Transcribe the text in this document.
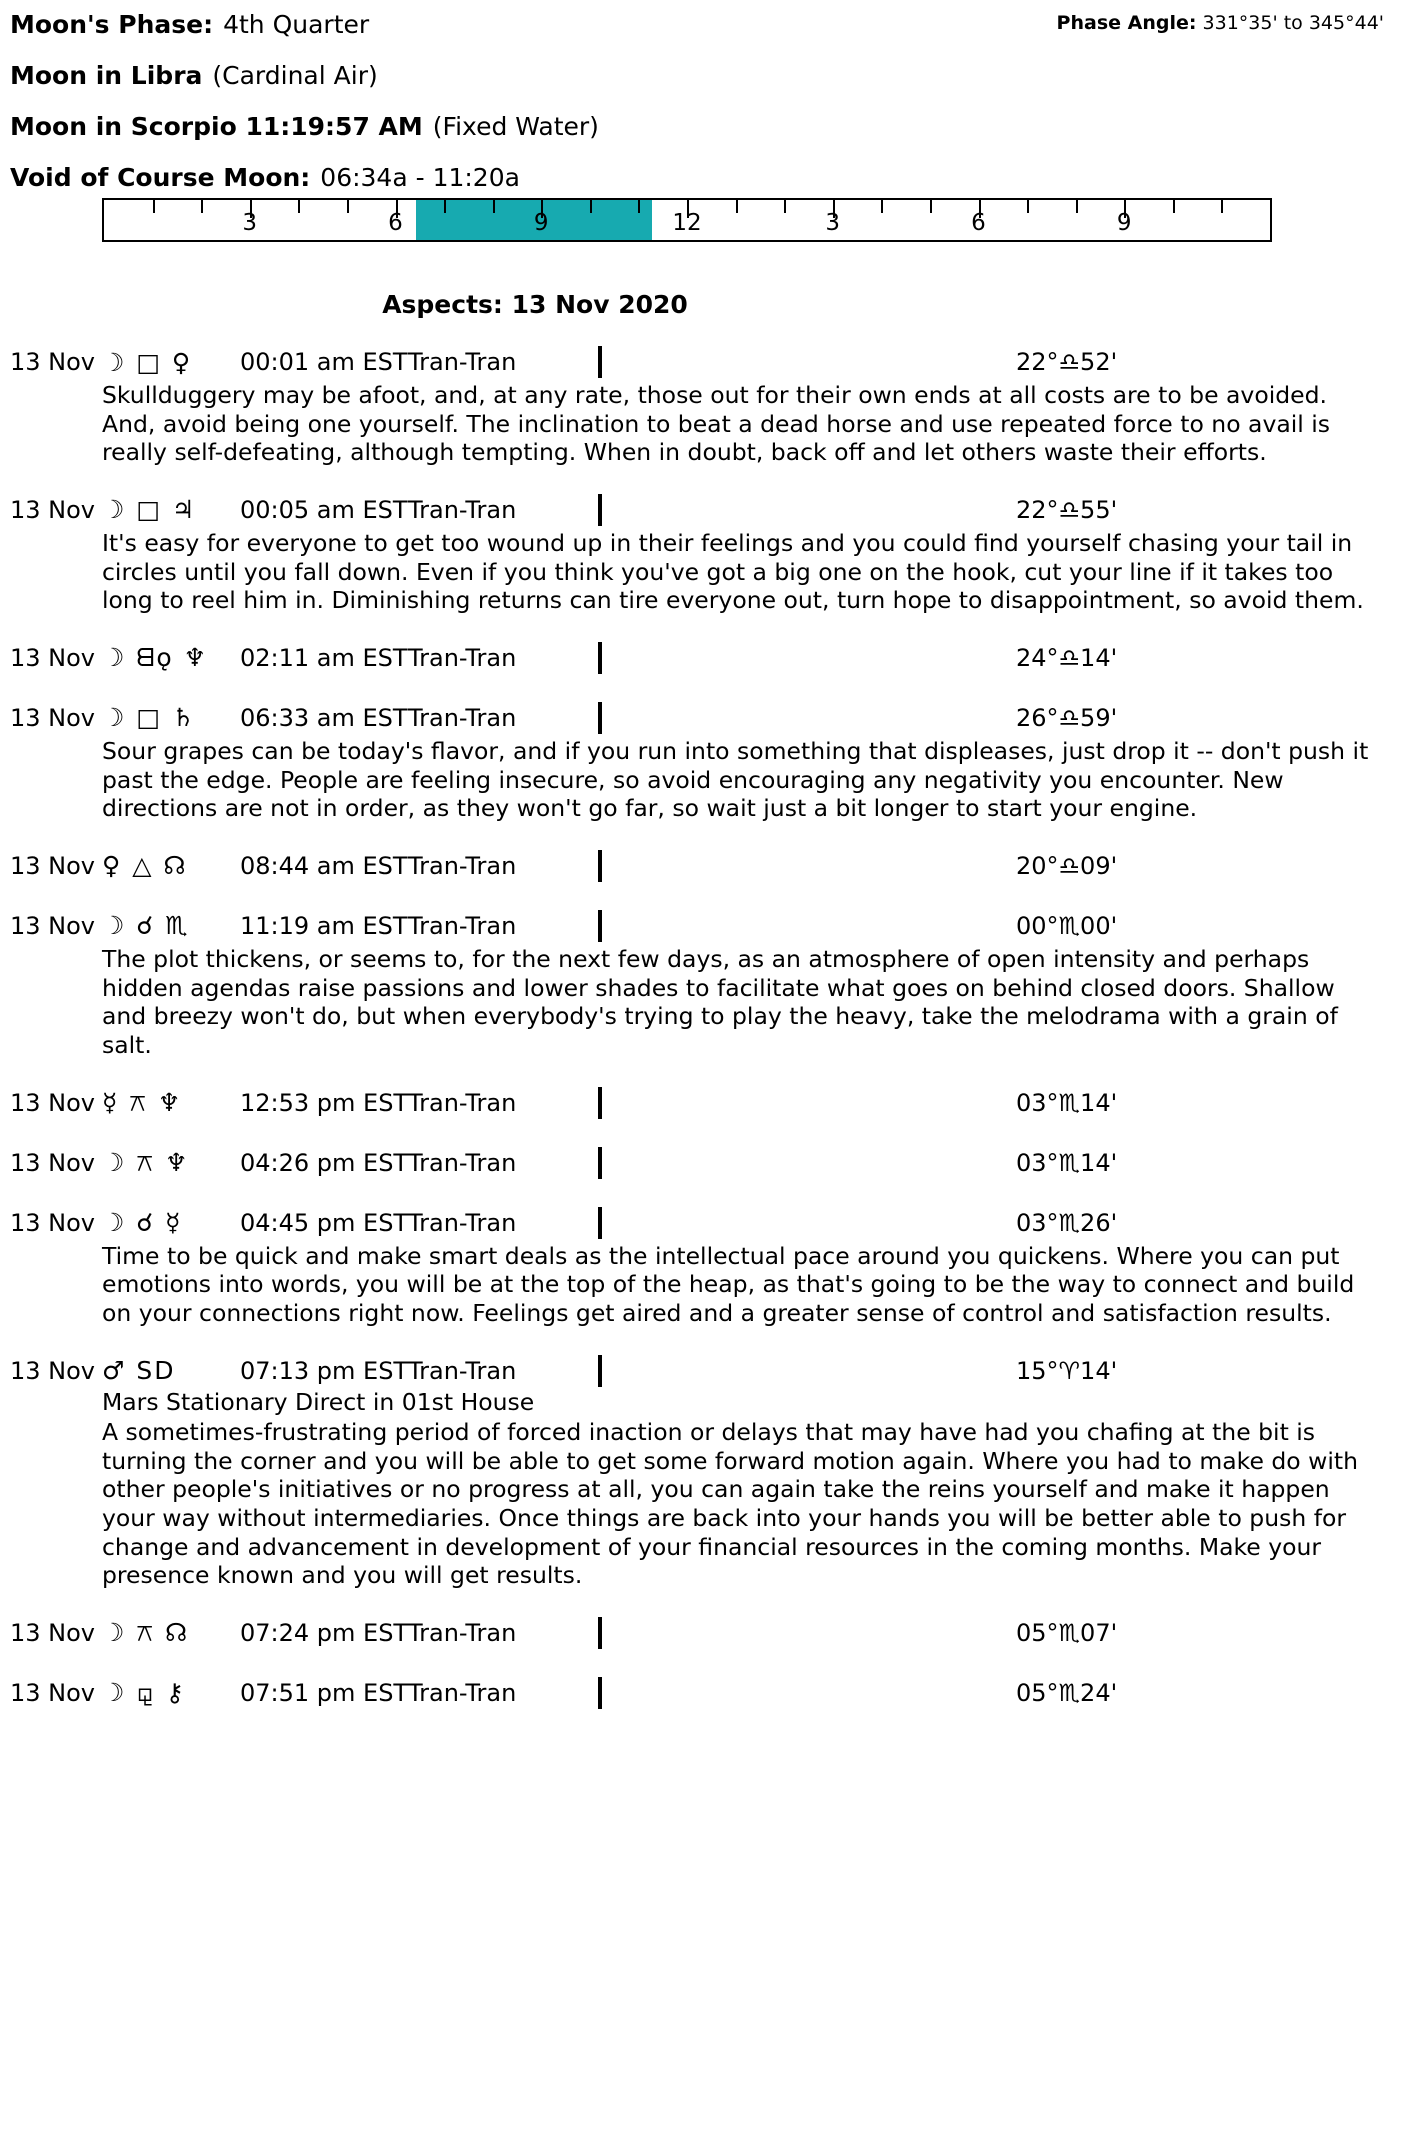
Phase Angle: 331°35' to 345°44'
Moon's Phase: 4th Quarter
Moon in Libra (Cardinal Air)
Moon in Scorpio 11:19:57 AM (Fixed Water)
Void of Course Moon: 06:34a - 11:20a
3	6	9	12	3	6	9
Aspects: 13 Nov 2020
13 Nov ☽ □ ♀	00:01 am EST Tran-Tran	22°♎52'
Skullduggery may be afoot, and, at any rate, those out for their own ends at all costs are to be avoided. And, avoid being one yourself. The inclination to beat a dead horse and use repeated force to no avail is really self-defeating, although tempting. When in doubt, back off and let others waste their efforts.
13 Nov ☽ □ ♃	00:05 am EST Tran-Tran	22°♎55'
It's easy for everyone to get too wound up in their feelings and you could find yourself chasing your tail in circles until you fall down. Even if you think you've got a big one on the hook, cut your line if it takes too long to reel him in. Diminishing returns can tire everyone out, turn hope to disappointment, so avoid them.
13 Nov ☽ ᗺǫ ♆	02:11 am EST Tran-Tran	24°♎14'
13 Nov ☽ □ ♄	06:33 am EST Tran-Tran	26°♎59'
Sour grapes can be today's flavor, and if you run into something that displeases, just drop it -- don't push it past the edge. People are feeling insecure, so avoid encouraging any negativity you encounter. New directions are not in order, as they won't go far, so wait just a bit longer to start your engine.
13 Nov ♀ △ ☊	08:44 am EST Tran-Tran	20°♎09'
13 Nov ☽ ☌ ♏	11:19 am EST Tran-Tran	00°♏00'
The plot thickens, or seems to, for the next few days, as an atmosphere of open intensity and perhaps hidden agendas raise passions and lower shades to facilitate what goes on behind closed doors. Shallow and breezy won't do, but when everybody's trying to play the heavy, take the melodrama with a grain of salt.
13 Nov ☿ ⚻ ♆	12:53 pm EST Tran-Tran	03°♏14'
13 Nov ☽ ⚻ ♆	04:26 pm EST Tran-Tran	03°♏14'
13 Nov ☽ ☌ ☿	04:45 pm EST Tran-Tran	03°♏26'
Time to be quick and make smart deals as the intellectual pace around you quickens. Where you can put emotions into words, you will be at the top of the heap, as that's going to be the way to connect and build on your connections right now. Feelings get aired and a greater sense of control and satisfaction results.
13 Nov ♂ SD	07:13 pm EST Tran-Tran	15°♈14'
Mars Stationary Direct in 01st House
A sometimes-frustrating period of forced inaction or delays that may have had you chafing at the bit is turning the corner and you will be able to get some forward motion again. Where you had to make do with other people's initiatives or no progress at all, you can again take the reins yourself and make it happen your way without intermediaries. Once things are back into your hands you will be better able to push for change and advancement in development of your financial resources in the coming months. Make your presence known and you will get results.
13 Nov ☽ ⚻ ☊	07:24 pm EST Tran-Tran	05°♏07'
13 Nov ☽ ⚼ ⚷	07:51 pm EST Tran-Tran	05°♏24'
